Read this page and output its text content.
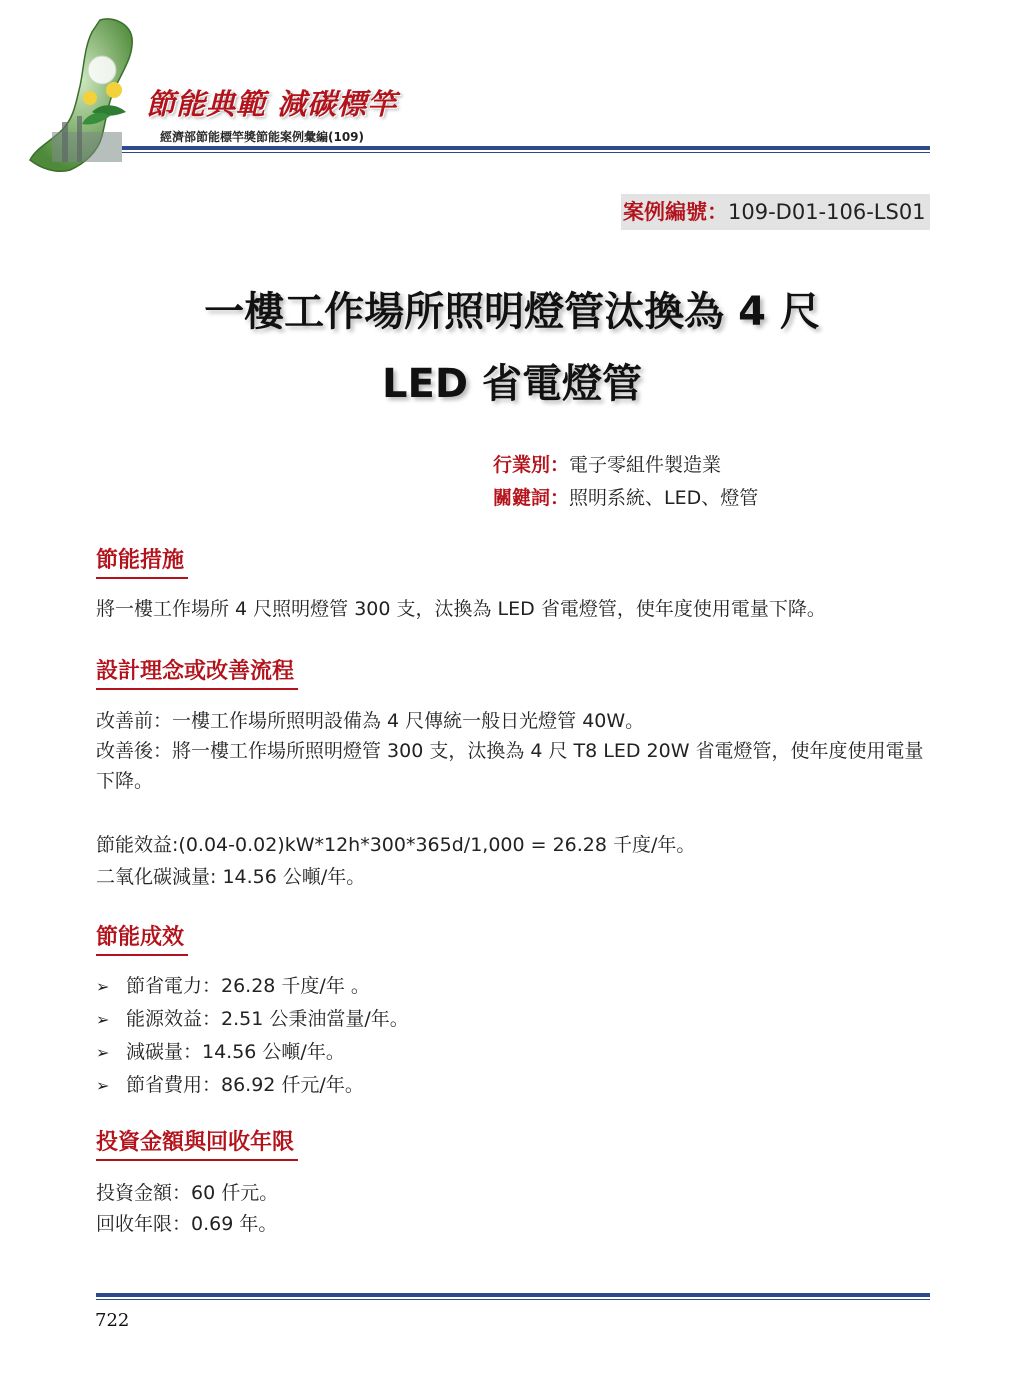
節能典範 減碳標竿
經濟部節能標竿獎節能案例彙編(109)
案例編號：109-D01-106-LS01
一樓工作場所照明燈管汰換為 4 尺
LED 省電燈管
行業別：電子零組件製造業
關鍵詞：照明系統、LED、燈管
節能措施
將一樓工作場所 4 尺照明燈管 300 支，汰換為 LED 省電燈管，使年度使用電量下降。
設計理念或改善流程
改善前：一樓工作場所照明設備為 4 尺傳統一般日光燈管 40W。
改善後：將一樓工作場所照明燈管 300 支，汰換為 4 尺 T8 LED 20W 省電燈管，使年度使用電量下降。
節能效益:(0.04-0.02)kW*12h*300*365d/1,000 = 26.28 千度/年。
二氧化碳減量: 14.56 公噸/年。
節能成效
➢ 節省電力：26.28 千度/年 。
➢ 能源效益：2.51 公秉油當量/年。
➢ 減碳量：14.56 公噸/年。
➢ 節省費用：86.92 仟元/年。
投資金額與回收年限
投資金額：60 仟元。
回收年限：0.69 年。
722
